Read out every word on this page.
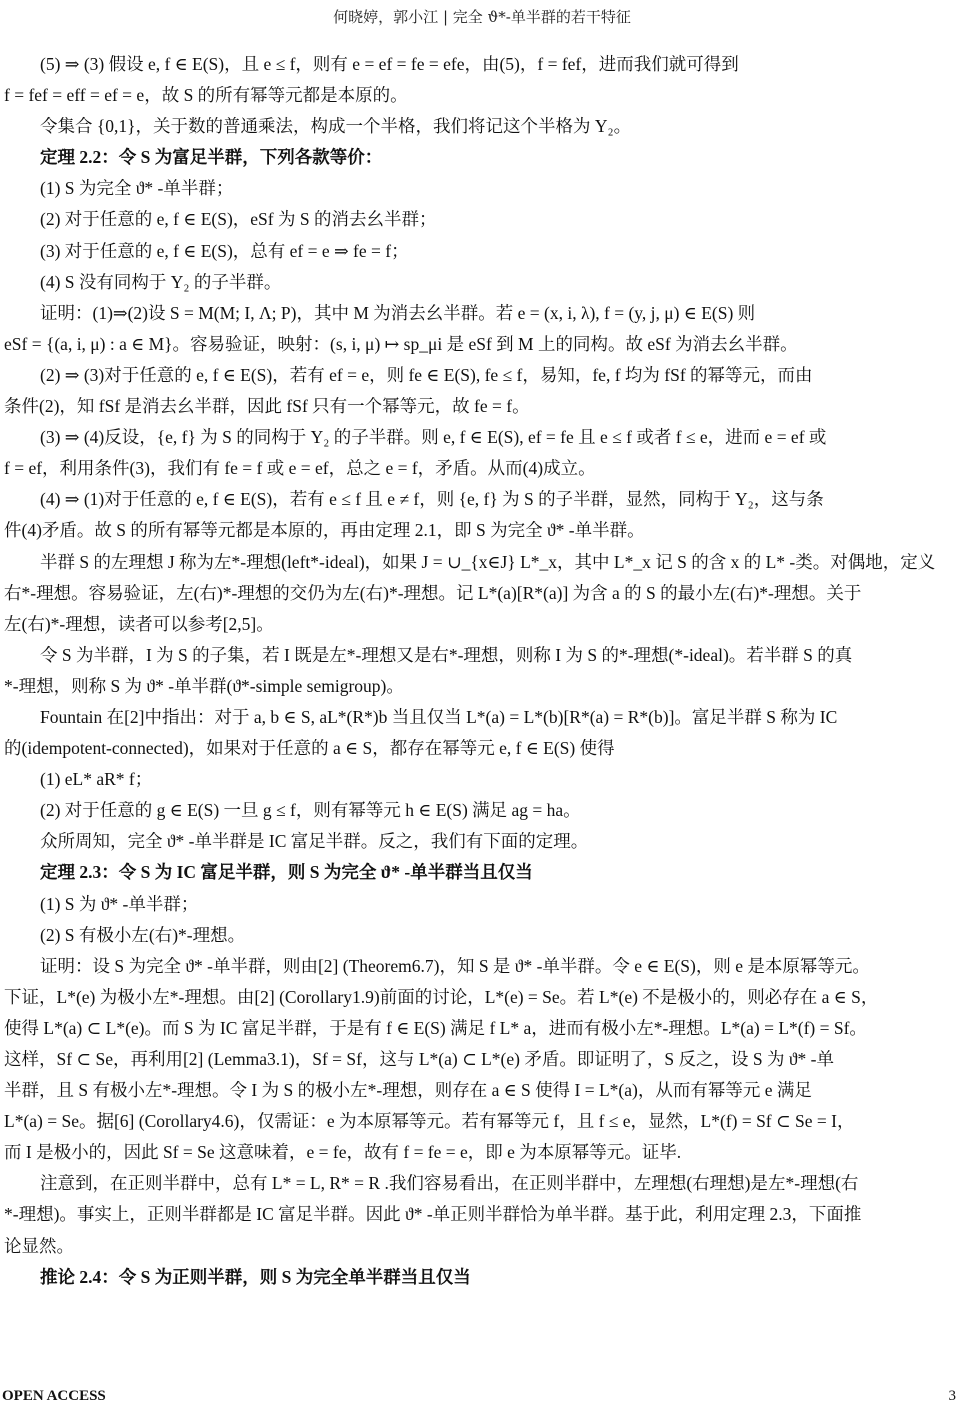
何晓婷，郭小江 | 完全 ϑ*-单半群的若干特征
(5) ⇒ (3) 假设 e, f ∈ E(S)，且 e ≤ f，则有 e = ef = fe = efe，由(5)，f = fef，进而我们就可得到
f = fef = eff = ef = e，故 S 的所有幂等元都是本原的。
令集合 {0,1}，关于数的普通乘法，构成一个半格，我们将记这个半格为 Y₂。
定理 2.2：令 S 为富足半群，下列各款等价：
(1) S 为完全 ϑ* -单半群；
(2) 对于任意的 e, f ∈ E(S)，eSf 为 S 的消去幺半群；
(3) 对于任意的 e, f ∈ E(S)，总有 ef = e ⇒ fe = f；
(4) S 没有同构于 Y₂ 的子半群。
证明：(1)⇒(2)设 S = M(M; I, Λ; P)，其中 M 为消去幺半群。若 e = (x, i, λ), f = (y, j, μ) ∈ E(S) 则
eSf = {(a, i, μ) : a ∈ M}。容易验证，映射：(s, i, μ) ↦ sp_μi 是 eSf 到 M 上的同构。故 eSf 为消去幺半群。
(2) ⇒ (3)对于任意的 e, f ∈ E(S)，若有 ef = e，则 fe ∈ E(S), fe ≤ f，易知，fe, f 均为 fSf 的幂等元，而由
条件(2)，知 fSf 是消去幺半群，因此 fSf 只有一个幂等元，故 fe = f。
(3) ⇒ (4)反设，{e, f} 为 S 的同构于 Y₂ 的子半群。则 e, f ∈ E(S), ef = fe 且 e ≤ f 或者 f ≤ e，进而 e = ef 或
f = ef，利用条件(3)，我们有 fe = f 或 e = ef，总之 e = f，矛盾。从而(4)成立。
(4) ⇒ (1)对于任意的 e, f ∈ E(S)，若有 e ≤ f 且 e ≠ f，则 {e, f} 为 S 的子半群，显然，同构于 Y₂，这与条
件(4)矛盾。故 S 的所有幂等元都是本原的，再由定理 2.1，即 S 为完全 ϑ* -单半群。
半群 S 的左理想 J 称为左*-理想(left*-ideal)，如果 J = ∪_{x∈J} L*_x，其中 L*_x 记 S 的含 x 的 L* -类。对偶地，定义
右*-理想。容易验证，左(右)*-理想的交仍为左(右)*-理想。记 L*(a)[R*(a)] 为含 a 的 S 的最小左(右)*-理想。关于
左(右)*-理想，读者可以参考[2,5]。
令 S 为半群，I 为 S 的子集，若 I 既是左*-理想又是右*-理想，则称 I 为 S 的*-理想(*-ideal)。若半群 S 的真
*-理想，则称 S 为 ϑ* -单半群(ϑ*-simple semigroup)。
Fountain 在[2]中指出：对于 a, b ∈ S, aL*(R*)b 当且仅当 L*(a) = L*(b)[R*(a) = R*(b)]。富足半群 S 称为 IC
的(idempotent-connected)，如果对于任意的 a ∈ S，都存在幂等元 e, f ∈ E(S) 使得
(1) eL* aR* f；
(2) 对于任意的 g ∈ E(S) 一旦 g ≤ f，则有幂等元 h ∈ E(S) 满足 ag = ha。
众所周知，完全 ϑ* -单半群是 IC 富足半群。反之，我们有下面的定理。
定理 2.3：令 S 为 IC 富足半群，则 S 为完全 ϑ* -单半群当且仅当
(1) S 为 ϑ* -单半群；
(2) S 有极小左(右)*-理想。
证明：设 S 为完全 ϑ* -单半群，则由[2] (Theorem6.7)，知 S 是 ϑ* -单半群。令 e ∈ E(S)，则 e 是本原幂等元。
下证，L*(e) 为极小左*-理想。由[2] (Corollary1.9)前面的讨论，L*(e) = Se。若 L*(e) 不是极小的，则必存在 a ∈ S，
使得 L*(a) ⊂ L*(e)。而 S 为 IC 富足半群，于是有 f ∈ E(S) 满足 f L* a，进而有极小左*-理想。L*(a) = L*(f) = Sf。
这样，Sf ⊂ Se，再利用[2] (Lemma3.1)，Sf = Sf，这与 L*(a) ⊂ L*(e) 矛盾。即证明了，S 反之，设 S 为 ϑ* -单
半群，且 S 有极小左*-理想。令 I 为 S 的极小左*-理想，则存在 a ∈ S 使得 I = L*(a)，从而有幂等元 e 满足
L*(a) = Se。据[6] (Corollary4.6)，仅需证：e 为本原幂等元。若有幂等元 f，且 f ≤ e，显然，L*(f) = Sf ⊂ Se = I，
而 I 是极小的，因此 Sf = Se 这意味着，e = fe，故有 f = fe = e，即 e 为本原幂等元。证毕.
注意到，在正则半群中，总有 L* = L, R* = R .我们容易看出，在正则半群中，左理想(右理想)是左*-理想(右
*-理想)。事实上，正则半群都是 IC 富足半群。因此 ϑ* -单正则半群恰为单半群。基于此，利用定理 2.3，下面推
论显然。
推论 2.4：令 S 为正则半群，则 S 为完全单半群当且仅当
OPEN ACCESS	3
